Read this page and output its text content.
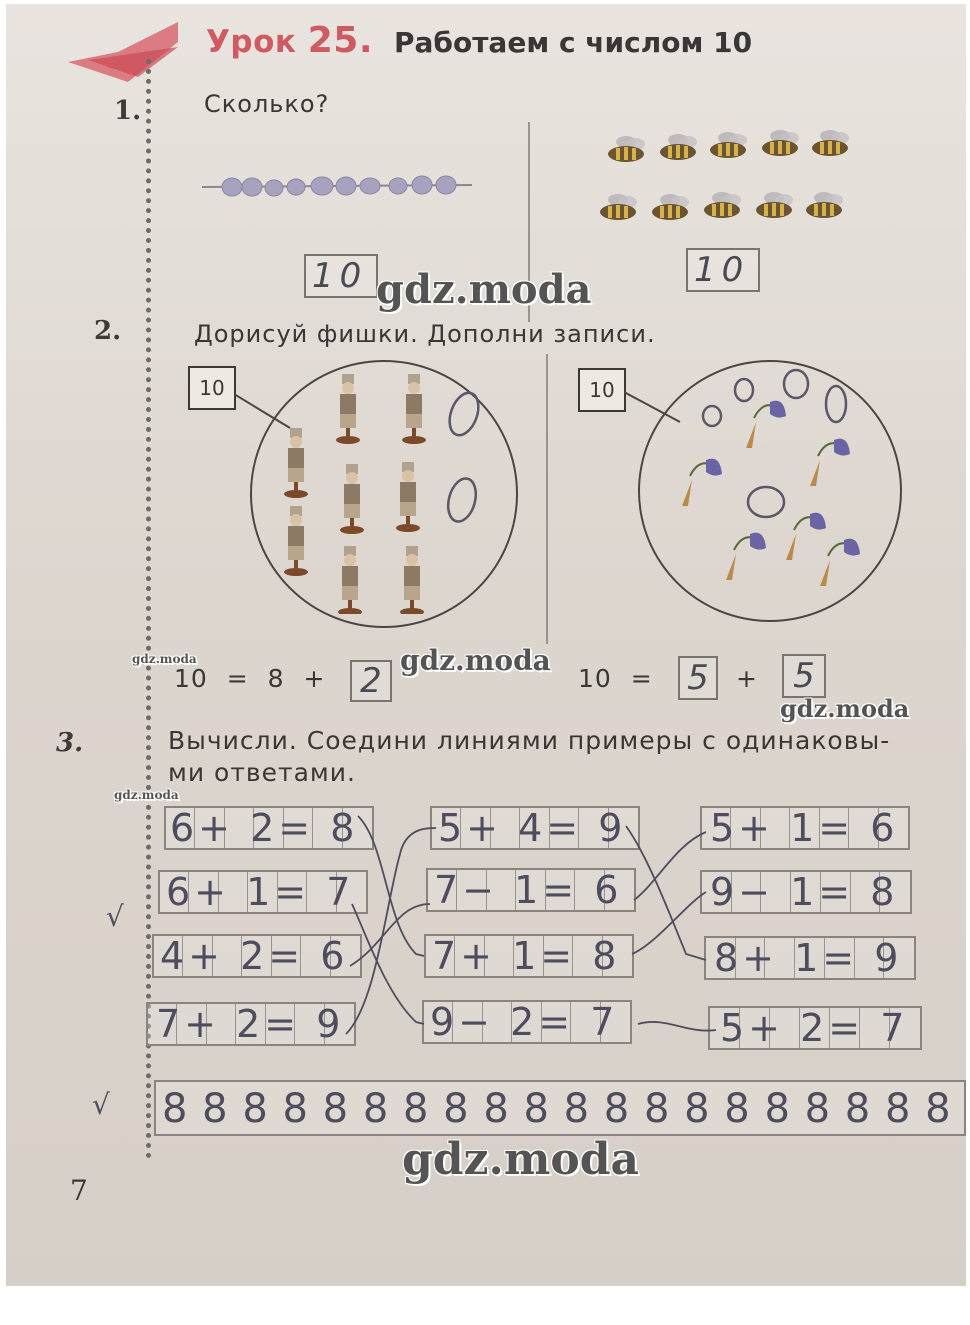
Урок 25. Работаем с числом 10
1.	Сколько?
10	10
2.	Дорисуй фишки. Дополни записи.
10	10
10 = 8 + 2	10 = 5 + 5
3.	Вычисли. Соедини линиями примеры с одинаковы-
ми ответами.
6+ 2= 8
6+ 1= 7
4+ 2= 6
7+ 2= 9
5+ 4= 9
7− 1= 6
7+ 1= 8
9− 2= 7
5+ 1= 6
9− 1= 8
8+ 1= 9
5+ 2= 7
8 8 8 8 8 8 8 8 8 8 8 8 8 8 8 8 8 8 8 8
√
√
7
gdz.moda
gdz.moda
gdz.moda
gdz.moda
gdz.moda
gdz.moda
